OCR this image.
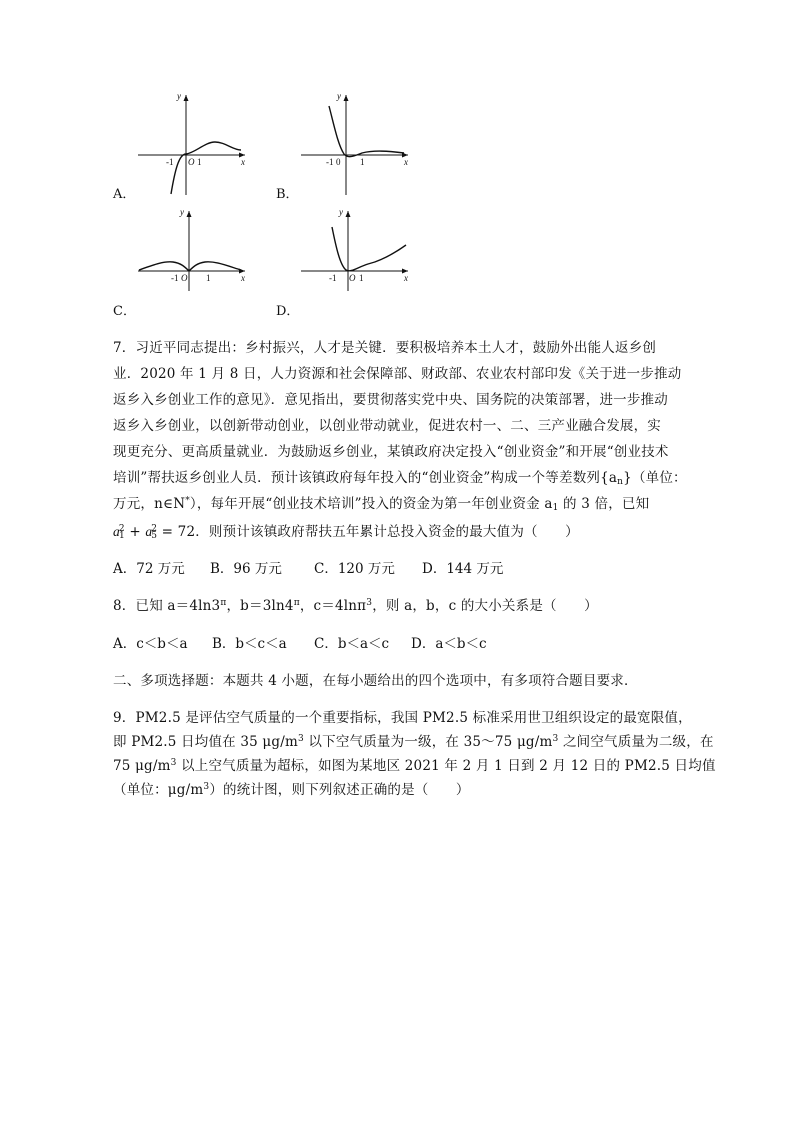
y
x
-1 O 1
A．
y
x
-1 0 1
B．
y
x
-1 O 1
C．
y
x
-1 O 1
D．
7．习近平同志提出：乡村振兴，人才是关键．要积极培养本土人才，鼓励外出能人返乡创
业．2020 年 1 月 8 日，人力资源和社会保障部、财政部、农业农村部印发《关于进一步推动
返乡入乡创业工作的意见》．意见指出，要贯彻落实党中央、国务院的决策部署，进一步推动
返乡入乡创业，以创新带动创业，以创业带动就业，促进农村一、二、三产业融合发展，实
现更充分、更高质量就业．为鼓励返乡创业，某镇政府决定投入“创业资金”和开展“创业技术
培训”帮扶返乡创业人员．预计该镇政府每年投入的“创业资金”构成一个等差数列$\{a_n\}$（单位：
万元，n∈N*），每年开展“创业技术培训”投入的资金为第一年创业资金 $a_1$ 的 3 倍，已知
$a_1^2 + a_5^2 = 72$．则预计该镇政府帮扶五年累计总投入资金的最大值为（　　）
A．72 万元 B．96 万元 C．120 万元 D．144 万元
8．已知 $a=4\ln 3^\pi$，$b=3\ln 4^\pi$，c＝4lnπ$^3$，则 a，b，c 的大小关系是（　　）
A．c＜b＜a B．b＜c＜a C．b＜a＜c D．a＜b＜c
二、多项选择题：本题共 4 小题，在每小题给出的四个选项中，有多项符合题目要求．
9．PM2.5 是评估空气质量的一个重要指标，我国 PM2.5 标准采用世卫组织设定的最宽限值，
即 PM2.5 日均值在 35 $\mu g/m^3$ 以下空气质量为一级，在 35～75 $\mu g/m^3$ 之间空气质量为二级，在
75 $\mu g/m^3$ 以上空气质量为超标，如图为某地区 2021 年 2 月 1 日到 2 月 12 日的 PM2.5 日均值
（单位：$\mu g/m^3$）的统计图，则下列叙述正确的是（　　）
